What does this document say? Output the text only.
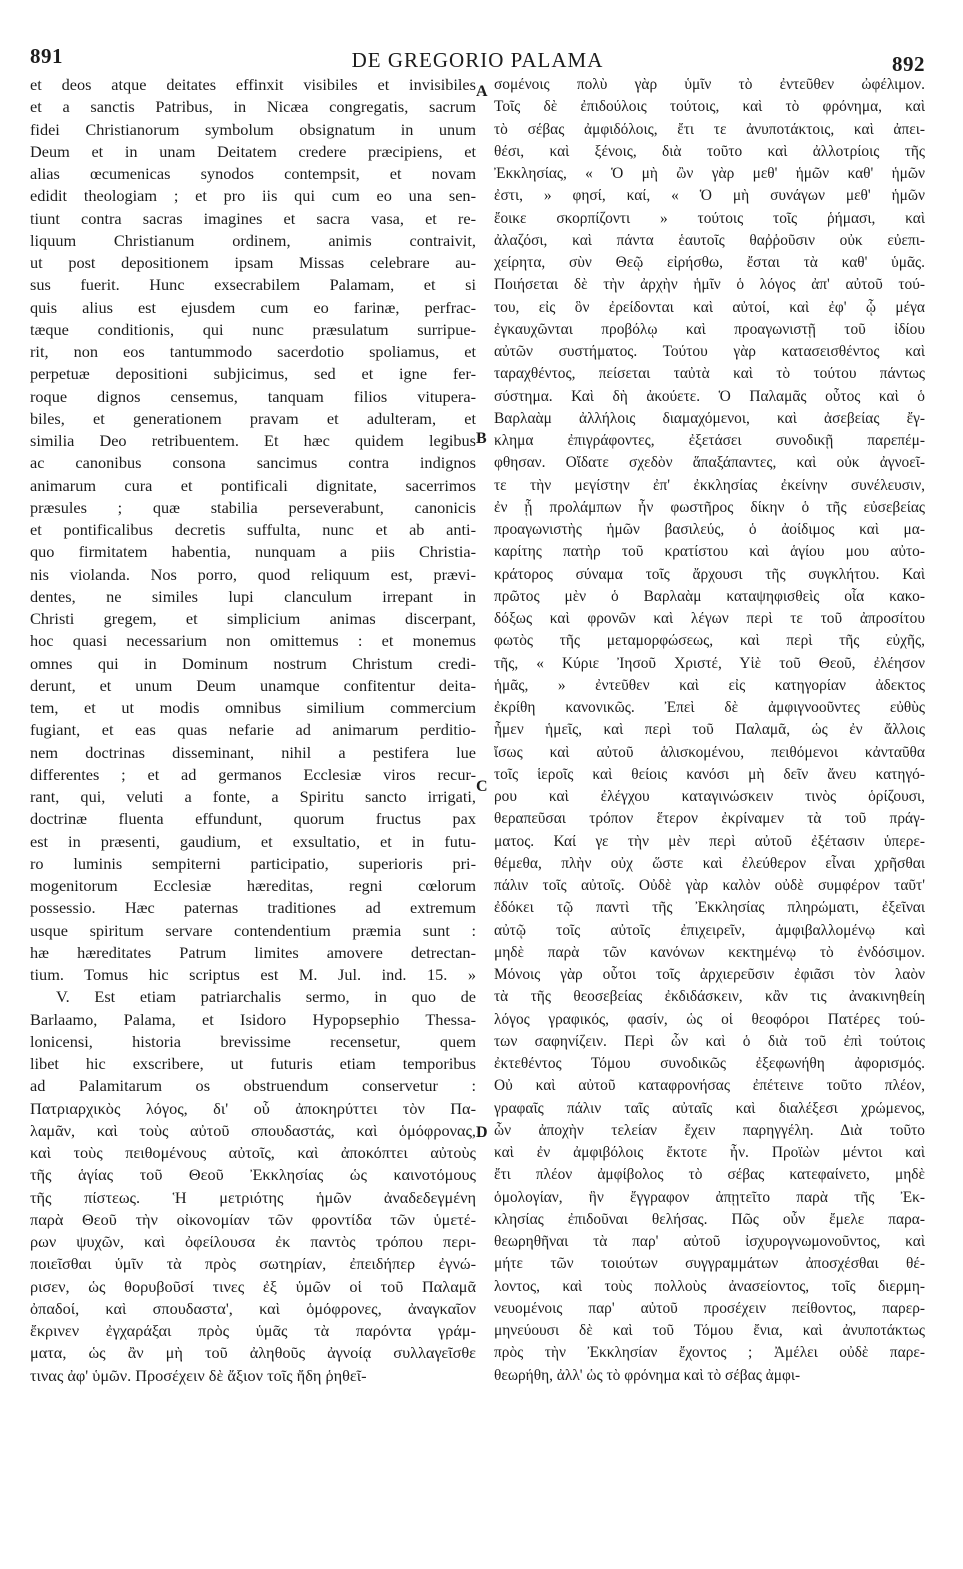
891	DE GREGORIO PALAMA	892
et deos atque deitates effinxit visibiles et invisibiles
et a sanctis Patribus, in Nicæa congregatis, sacrum
fidei Christianorum symbolum obsignatum in unum
Deum et in unam Deitatem credere præcipiens, et
alias œcumenicas synodos contempsit, et novam
edidit theologiam ; et pro iis qui cum eo una sen-
tiunt contra sacras imagines et sacra vasa, et re-
liquum Christianum ordinem, animis contraivit,
ut post depositionem ipsam Missas celebrare au-
sus fuerit. Hunc exsecrabilem Palamam, et si
quis alius est ejusdem cum eo farinæ, perfrac-
tæque conditionis, qui nunc præsulatum surripue-
rit, non eos tantummodo sacerdotio spoliamus, et
perpetuæ depositioni subjicimus, sed et igne fer-
roque dignos censemus, tanquam filios vitupera-
biles, et generationem pravam et adulteram, et
similia Deo retribuentem. Et hæc quidem legibus
ac canonibus consona sancimus contra indignos
animarum cura et pontificali dignitate, sacerrimos
præsules ; quæ stabilia perseverabunt, canonicis
et pontificalibus decretis suffulta, nunc et ab anti-
quo firmitatem habentia, nunquam a piis Christia-
nis violanda. Nos porro, quod reliquum est, prævi-
dentes, ne similes lupi clanculum irrepant in
Christi gregem, et simplicium animas discerpant,
hoc quasi necessarium non omittemus : et monemus
omnes qui in Dominum nostrum Christum credi-
derunt, et unum Deum unamque confitentur deita-
tem, et ut modis omnibus similium commercium
fugiant, et eas quas nefarie ad animarum perditio-
nem doctrinas disseminant, nihil a pestifera lue
differentes ; et ad germanos Ecclesiæ viros recur-
rant, qui, veluti a fonte, a Spiritu sancto irrigati,
doctrinæ fluenta effundunt, quorum fructus pax
est in præsenti, gaudium, et exsultatio, et in futu-
ro luminis sempiterni participatio, superioris pri-
mogenitorum Ecclesiæ hæreditas, regni cœlorum
possessio. Hæc paternas traditiones ad extremum
usque spiritum servare contendentium præmia sunt :
hæ hæreditates Patrum limites amovere detrectan-
tium. Tomus hic scriptus est M. Jul. ind. 15. »
V. Est etiam patriarchalis sermo, in quo de
Barlaamo, Palama, et Isidoro Hypopsephio Thessa-
lonicensi, historia brevissime recensetur, quem
libet hic exscribere, ut futuris etiam temporibus
ad Palamitarum os obstruendum conservetur :
Πατριαρχικὸς λόγος, δι' οὗ ἀποκηρύττει τὸν Πα-
λαμᾶν, καὶ τοὺς αὐτοῦ σπουδαστάς, καὶ ὁμόφρονας,
καὶ τοὺς πειθομένους αὐτοῖς, καὶ ἀποκόπτει αὐτοὺς
τῆς ἁγίας τοῦ Θεοῦ Ἐκκλησίας ὡς καινοτόμους
τῆς πίστεως. Ἡ μετριότης ἡμῶν ἀναδεδεγμένη
παρὰ Θεοῦ τὴν οἰκονομίαν τῶν φροντίδα τῶν ὑμετέ-
ρων ψυχῶν, καὶ ὀφείλουσα ἐκ παντὸς τρόπου περι-
ποιεῖσθαι ὑμῖν τὰ πρὸς σωτηρίαν, ἐπειδήπερ ἐγνώ-
ρισεν, ὡς θορυβοῦσί τινες ἐξ ὑμῶν οἱ τοῦ Παλαμᾶ
ὀπαδοί, καὶ σπουδαστα', καὶ ὁμόφρονες, ἀναγκαῖον
ἔκρινεν ἐγχαράξαι πρὸς ὑμᾶς τὰ παρόντα γράμ-
ματα, ὡς ἂν μὴ τοῦ ἀληθοῦς ἀγνοίᾳ συλλαγεῖσθε
τινας ἀφ' ὑμῶν. Προσέχειν δὲ ἄξιον τοῖς ἤδη ῥηθεῖ-
σομένοις πολὺ γὰρ ὑμῖν τὸ ἐντεῦθεν ὠφέλιμον.
Τοῖς δὲ ἐπιδούλοις τούτοις, καὶ τὸ φρόνημα, καὶ
τὸ σέβας ἀμφιδόλοις, ἔτι τε ἀνυποτάκτοις, καὶ ἀπει-
θέσι, καὶ ξένοις, διὰ τοῦτο καὶ ἀλλοτρίοις τῆς
Ἐκκλησίας, « Ὁ μὴ ὢν γὰρ μεθ' ἡμῶν καθ' ἡμῶν
ἐστι, » φησί, καί, « Ὁ μὴ συνάγων μεθ' ἡμῶν
ἔοικε σκορπίζοντι » τούτοις τοῖς ῥήμασι, καὶ
ἀλαζόσι, καὶ πάντα ἑαυτοῖς θαῤῥοῦσιν οὐκ εὐεπι-
χείρητα, σὺν Θεῷ εἰρήσθω, ἔσται τὰ καθ' ὑμᾶς.
Ποιήσεται δὲ τὴν ἀρχὴν ἡμῖν ὁ λόγος ἀπ' αὐτοῦ τού-
του, εἰς ὃν ἐρείδονται καὶ αὐτοί, καὶ ἐφ' ᾧ μέγα
ἐγκαυχῶνται προβόλῳ καὶ προαγωνιστῇ τοῦ ἰδίου
αὐτῶν συστήματος. Τούτου γὰρ κατασεισθέντος καὶ
ταραχθέντος, πείσεται ταὐτὰ καὶ τὸ τούτου πάντως
σύστημα. Καὶ δὴ ἀκούετε. Ὁ Παλαμᾶς οὗτος καὶ ὁ
Βαρλαὰμ ἀλλήλοις διαμαχόμενοι, καὶ ἀσεβείας ἔγ-
κλημα ἐπιγράφοντες, ἐξετάσει συνοδικῇ παρεπέμ-
φθησαν. Οἴδατε σχεδὸν ἅπαξάπαντες, καὶ οὐκ ἀγνοεῖ-
τε τὴν μεγίστην ἐπ' ἐκκλησίας ἐκείνην συνέλευσιν,
ἐν ᾗ προλάμπων ἦν φωστῆρος δίκην ὁ τῆς εὐσεβείας
προαγωνιστὴς ἡμῶν βασιλεύς, ὁ ἀοίδιμος καὶ μα-
καρίτης πατὴρ τοῦ κρατίστου καὶ ἁγίου μου αὐτο-
κράτορος σύναμα τοῖς ἄρχουσι τῆς συγκλήτου. Καὶ
πρῶτος μὲν ὁ Βαρλαὰμ καταψηφισθεὶς οἷα κακο-
δόξως καὶ φρονῶν καὶ λέγων περὶ τε τοῦ ἀπροσίτου
φωτὸς τῆς μεταμορφώσεως, καὶ περὶ τῆς εὐχῆς,
τῆς, « Κύριε Ἰησοῦ Χριστέ, Υἱὲ τοῦ Θεοῦ, ἐλέησον
ἡμᾶς, » ἐντεῦθεν καὶ εἰς κατηγορίαν ἀδεκτος
ἐκρίθη κανονικῶς. Ἐπεὶ δὲ ἀμφιγνοοῦντες εὐθὺς
ἦμεν ἡμεῖς, καὶ περὶ τοῦ Παλαμᾶ, ὡς ἐν ἄλλοις
ἴσως καὶ αὐτοῦ ἁλισκομένου, πειθόμενοι κἀνταῦθα
τοῖς ἱεροῖς καὶ θείοις κανόσι μὴ δεῖν ἄνευ κατηγό-
ρου καὶ ἐλέγχου καταγινώσκειν τινὸς ὁρίζουσι,
θεραπεῦσαι τρόπον ἕτερον ἐκρίναμεν τὰ τοῦ πράγ-
ματος. Καί γε τὴν μὲν περὶ αὐτοῦ ἐξέτασιν ὑπερε-
θέμεθα, πλὴν οὐχ ὥστε καὶ ἐλεύθερον εἶναι χρῆσθαι
πάλιν τοῖς αὐτοῖς. Οὐδὲ γὰρ καλὸν οὐδὲ συμφέρον ταῦτ'
ἐδόκει τῷ παντὶ τῆς Ἐκκλησίας πληρώματι, ἐξεῖναι
αὐτῷ τοῖς αὐτοῖς ἐπιχειρεῖν, ἀμφιβαλλομένῳ καὶ
μηδὲ παρὰ τῶν κανόνων κεκτημένῳ τὸ ἐνδόσιμον.
Μόνοις γὰρ οὗτοι τοῖς ἀρχιερεῦσιν ἐφιᾶσι τὸν λαὸν
τὰ τῆς θεοσεβείας ἐκδιδάσκειν, κἂν τις ἀνακινηθείη
λόγος γραφικός, φασίν, ὡς οἱ θεοφόροι Πατέρες τού-
των σαφηνίζειν. Περὶ ὧν καὶ ὁ διὰ τοῦ ἐπὶ τούτοις
ἐκτεθέντος Τόμου συνοδικῶς ἐξεφωνήθη ἀφορισμός.
Οὐ καὶ αὐτοῦ καταφρονήσας ἐπέτεινε τοῦτο πλέον,
γραφαῖς πάλιν ταῖς αὐταῖς καὶ διαλέξεσι χρώμενος,
ὧν ἀποχὴν τελείαν ἔχειν παρηγγέλη. Διὰ τοῦτο
καὶ ἐν ἀμφιβόλοις ἔκτοτε ἦν. Προϊὼν μέντοι καὶ
ἔτι πλέον ἀμφίβολος τὸ σέβας κατεφαίνετο, μηδὲ
ὁμολογίαν, ἣν ἔγγραφον ἀπῃτεῖτο παρὰ τῆς Ἐκ-
κλησίας ἐπιδοῦναι θελήσας. Πῶς οὖν ἔμελε παρα-
θεωρηθῆναι τὰ παρ' αὐτοῦ ἰσχυρογνωμονοῦντος, καὶ
μήτε τῶν τοιούτων συγγραμμάτων ἀποσχέσθαι θέ-
λοντος, καὶ τοὺς πολλοὺς ἀνασείοντος, τοῖς διερμη-
νευομένοις παρ' αὐτοῦ προσέχειν πείθοντος, παρερ-
μηνεύουσι δὲ καὶ τοῦ Τόμου ἔνια, καὶ ἀνυποτάκτως
πρὸς τὴν Ἐκκλησίαν ἔχοντος ; Ἀμέλει οὐδὲ παρε-
θεωρήθη, ἀλλ' ὡς τὸ φρόνημα καὶ τὸ σέβας ἀμφι-
A
B
C
D
